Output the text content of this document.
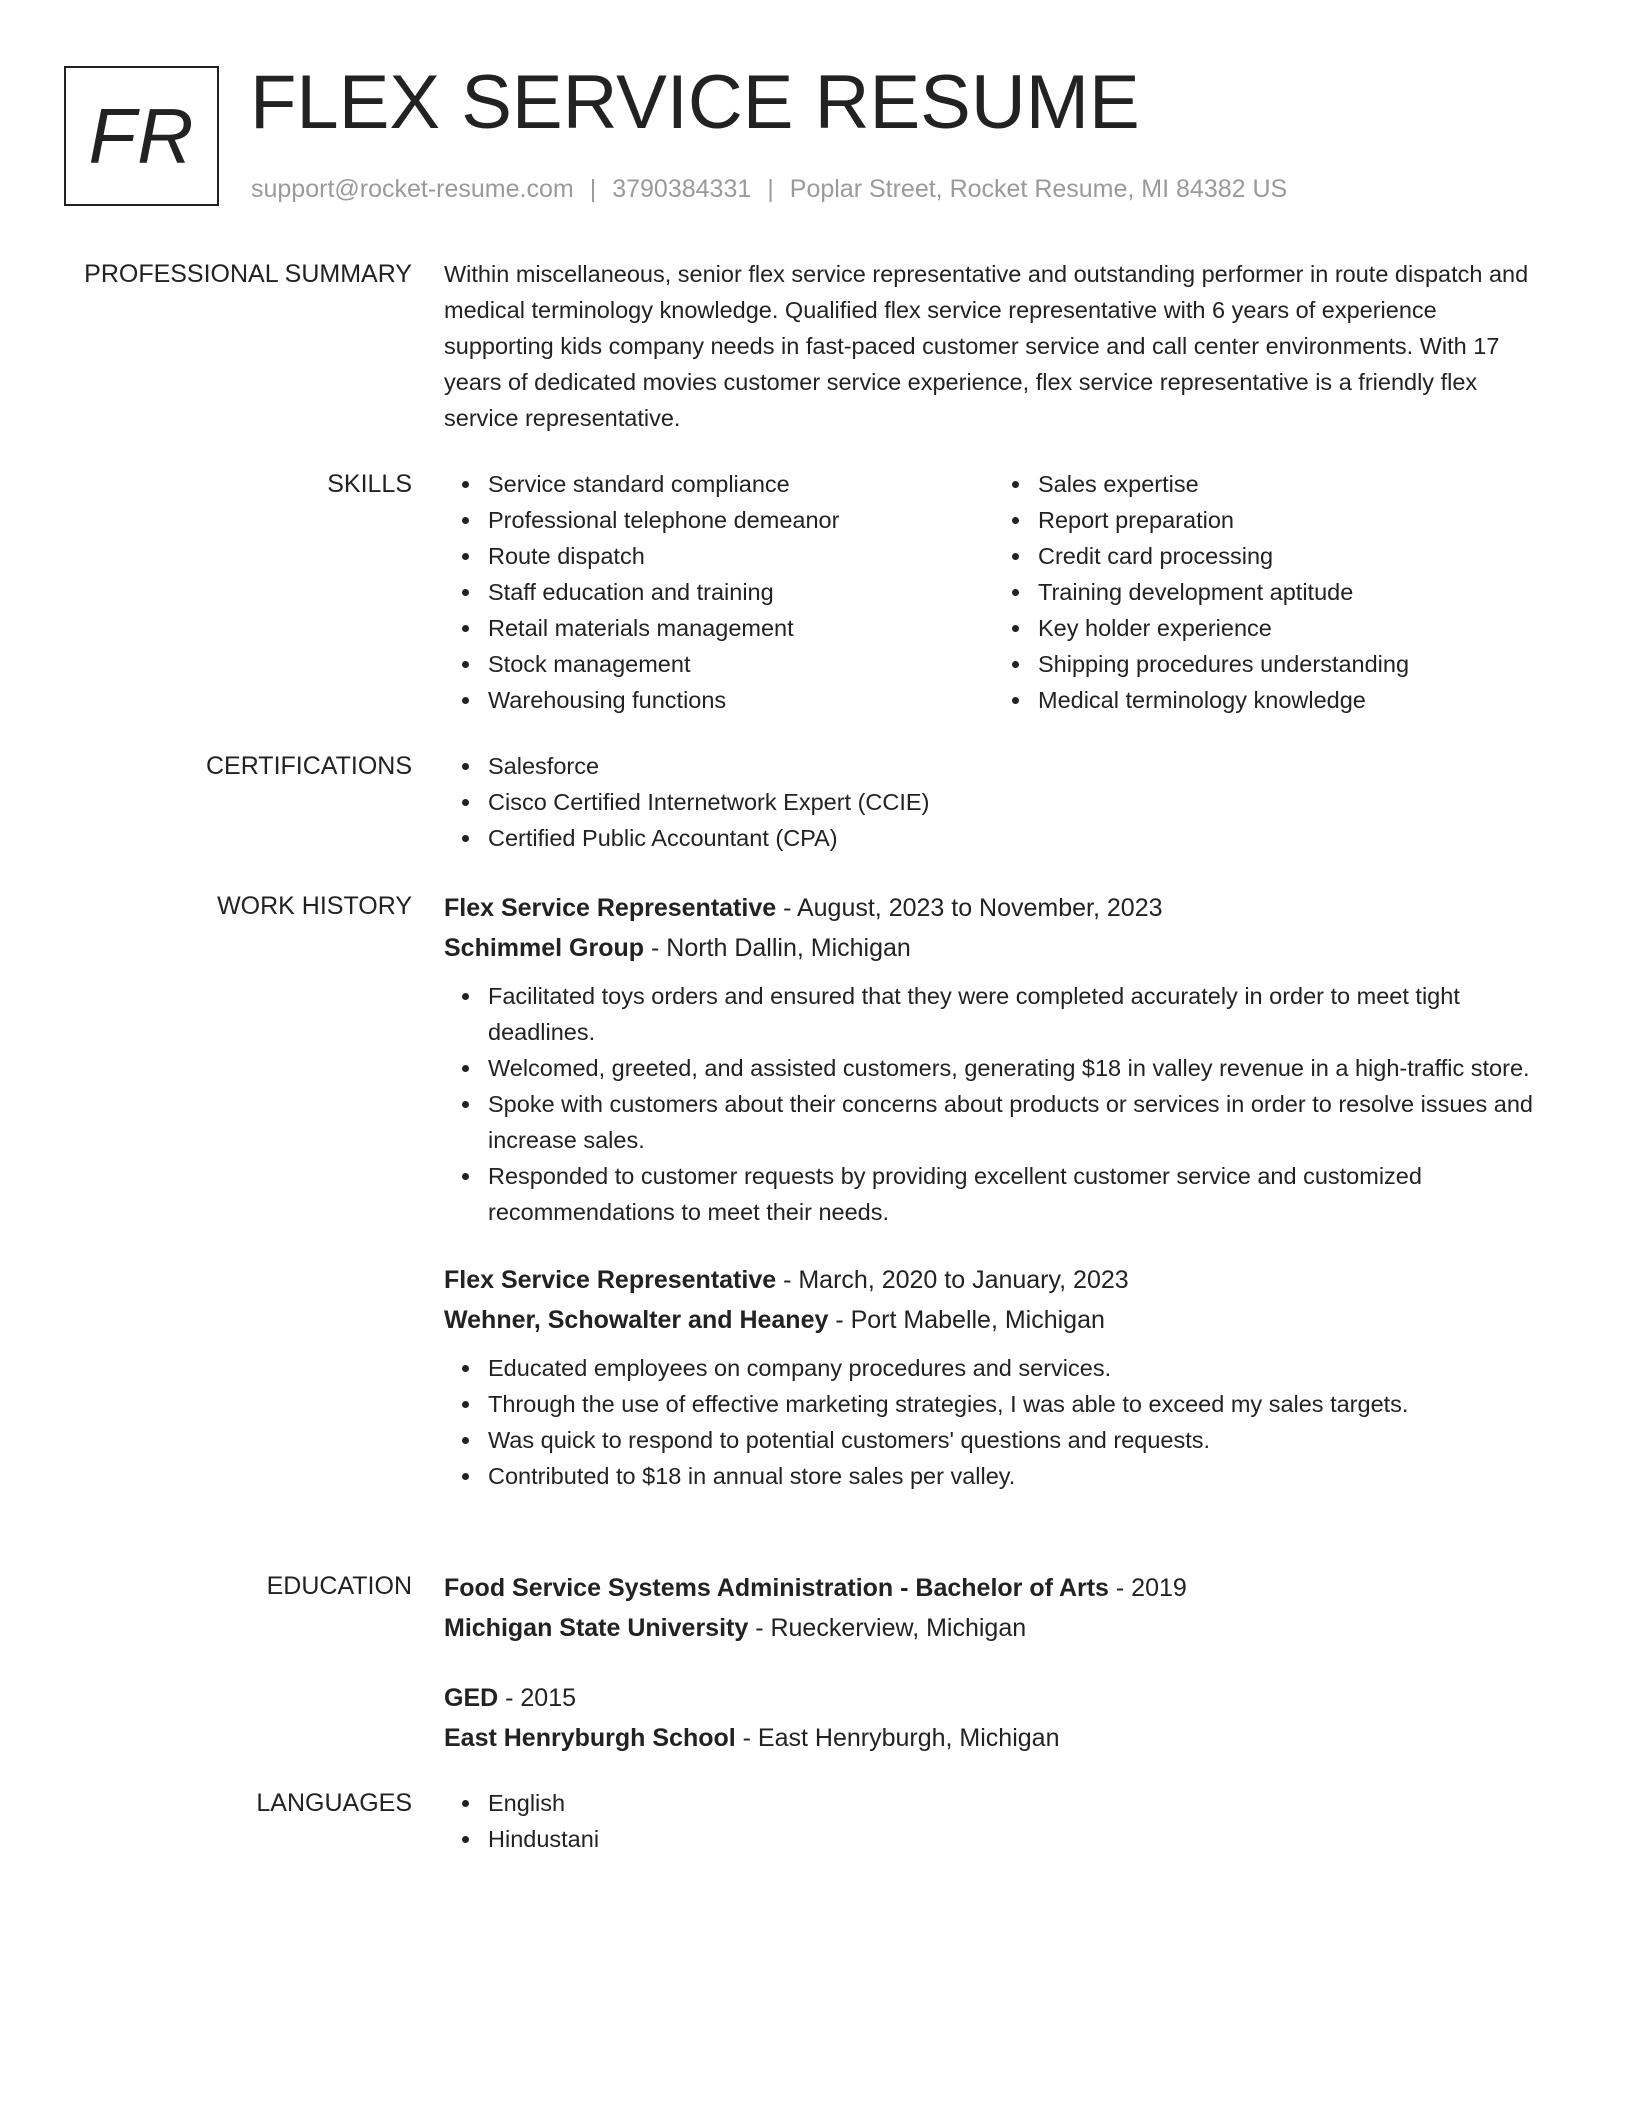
FR FLEX SERVICE RESUME
support@rocket-resume.com | 3790384331 | Poplar Street, Rocket Resume, MI 84382 US
PROFESSIONAL SUMMARY Within miscellaneous, senior flex service representative and outstanding performer in route dispatch and medical terminology knowledge. Qualified flex service representative with 6 years of experience supporting kids company needs in fast-paced customer service and call center environments. With 17 years of dedicated movies customer service experience, flex service representative is a friendly flex service representative.
SKILLS	Service standard compliance
Professional telephone demeanor
Route dispatch
Staff education and training
Retail materials management
Stock management
Warehousing functions
Sales expertise
Report preparation
Credit card processing
Training development aptitude
Key holder experience
Shipping procedures understanding
Medical terminology knowledge
CERTIFICATIONS	Salesforce
Cisco Certified Internetwork Expert (CCIE)
Certified Public Accountant (CPA)
WORK HISTORY Flex Service Representative - August, 2023 to November, 2023
Schimmel Group - North Dallin, Michigan
Facilitated toys orders and ensured that they were completed accurately in order to meet tight deadlines.
Welcomed, greeted, and assisted customers, generating $18 in valley revenue in a high-traffic store.
Spoke with customers about their concerns about products or services in order to resolve issues and increase sales.
Responded to customer requests by providing excellent customer service and customized recommendations to meet their needs.
Flex Service Representative - March, 2020 to January, 2023
Wehner, Schowalter and Heaney - Port Mabelle, Michigan
Educated employees on company procedures and services.
Through the use of effective marketing strategies, I was able to exceed my sales targets.
Was quick to respond to potential customers' questions and requests.
Contributed to $18 in annual store sales per valley.
EDUCATION Food Service Systems Administration - Bachelor of Arts - 2019
Michigan State University - Rueckerview, Michigan
GED - 2015
East Henryburgh School - East Henryburgh, Michigan
LANGUAGES	English
Hindustani
